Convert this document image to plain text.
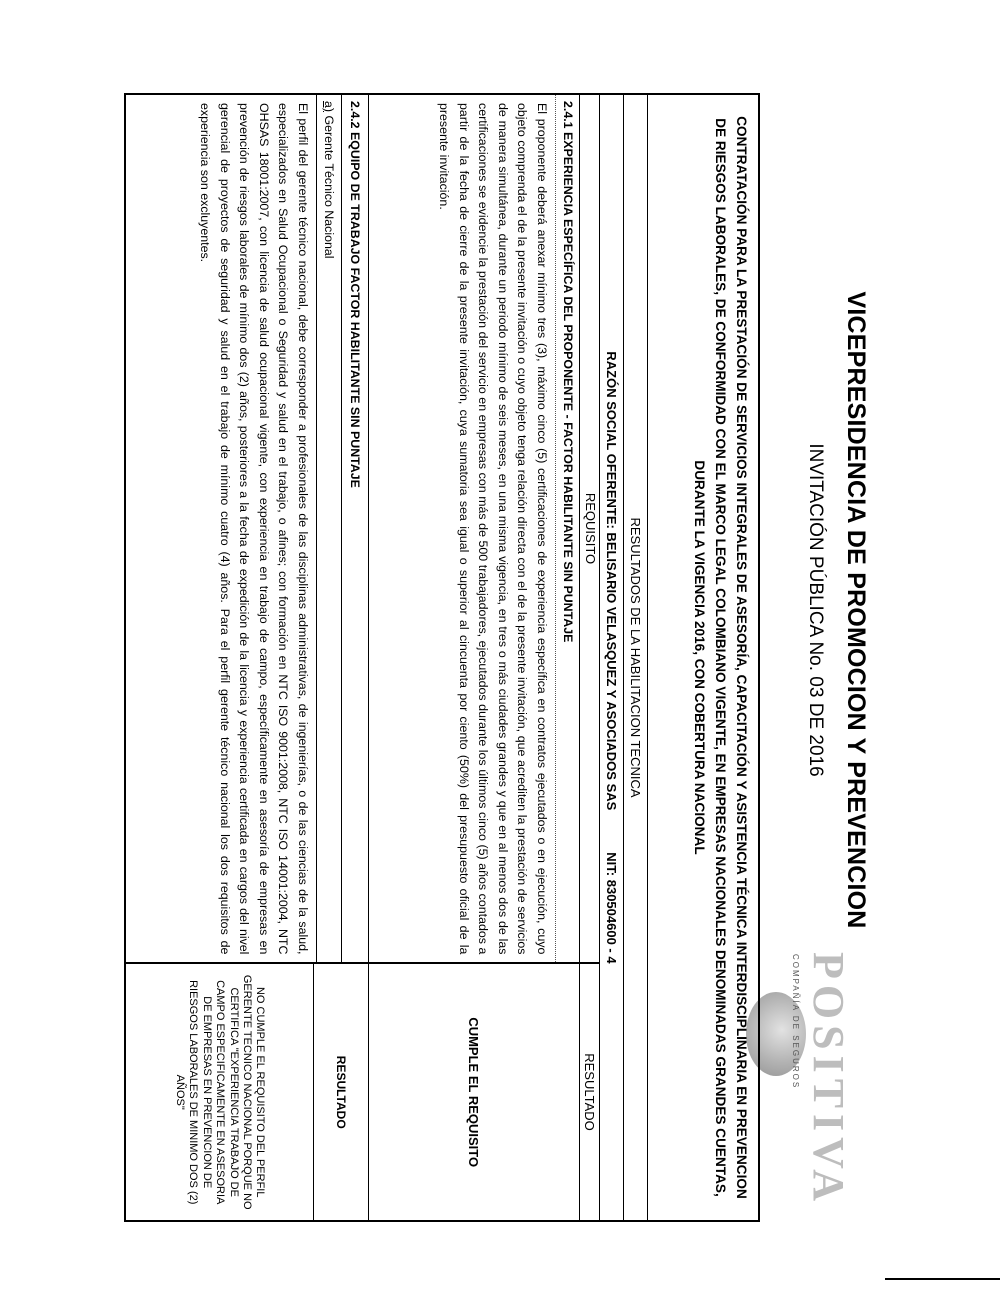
VICEPRESIDENCIA DE PROMOCION Y PREVENCION
INVITACIÓN PÚBLICA No. 03 DE 2016
POSITIVA
COMPAÑÍA DE SEGUROS
CONTRATACIÓN PARA LA PRESTACIÓN DE SERVICIOS INTEGRALES DE ASESORÍA, CAPACITACIÓN Y ASISTENCIA TÉCNICA INTERDISCIPLINARIA EN PREVENCION DE RIESGOS LABORALES, DE CONFORMIDAD CON EL MARCO LEGAL COLOMBIANO VIGENTE, EN EMPRESAS NACIONALES DENOMINADAS GRANDES CUENTAS, DURANTE LA VIGENCIA 2016, CON COBERTURA NACIONAL
RESULTADOS DE LA HABILITACION TECNICA
RAZÓN SOCIAL OFERENTE: BELISARIO VELASQUEZ Y ASOCIADOS SASNIT: 830504600 - 4
REQUISITO
RESULTADO
2.4.1 EXPERIENCIA ESPECÍFICA DEL PROPONENTE - FACTOR HABILITANTE SIN PUNTAJE
El proponente deberá anexar mínimo tres (3), máximo cinco (5) certificaciones de experiencia específica en contratos ejecutados o en ejecución, cuyo objeto comprenda el de la presente invitación o cuyo objeto tenga relación directa con el de la presente invitación, que acrediten la prestación de servicios de manera simultánea, durante un periodo mínimo de seis meses, en una misma vigencia, en tres o más ciudades grandes y que en al menos dos de las certificaciones se evidencie la prestación del servicio en empresas con más de 500 trabajadores, ejecutados durante los últimos cinco (5) años contados a partir de la fecha de cierre de la presente invitación, cuya sumatoria sea igual o superior al cincuenta por ciento (50%) del presupuesto oficial de la presente invitación.
CUMPLE EL REQUISITO
2.4.2 EQUIPO DE TRABAJO FACTOR HABILITANTE SIN PUNTAJE
a) Gerente Técnico Nacional
El perfil del gerente técnico nacional, debe corresponder a profesionales de las disciplinas administrativas, de ingenierías, o de las ciencias de la salud, especializados en Salud Ocupacional o Seguridad y salud en el trabajo, o afines; con formación en NTC ISO 9001:2008, NTC ISO 14001:2004, NTC OHSAS 18001:2007, con licencia de salud ocupacional vigente, con experiencia en trabajo de campo, específicamente en asesoría de empresas en prevención de riesgos laborales de mínimo dos (2) años, posteriores a la fecha de expedición de la licencia y experiencia certificada en cargos del nivel gerencial de proyectos de seguridad y salud en el trabajo de mínimo cuatro (4) años. Para el perfil gerente técnico nacional los dos requisitos de experiencia son excluyentes.
RESULTADO
NO CUMPLE EL REQUISITO DEL PERFIL GERENTE TECNICO NACIONAL PORQUE NO CERTIFICA "EXPERIENCIA TRABAJO DE CAMPO ESPECIFICAMENTE EN ASESORIA DE EMPRESAS EN PREVENCION DE RIESGOS LABORALES DE MINIMO DOS (2) AÑOS"
